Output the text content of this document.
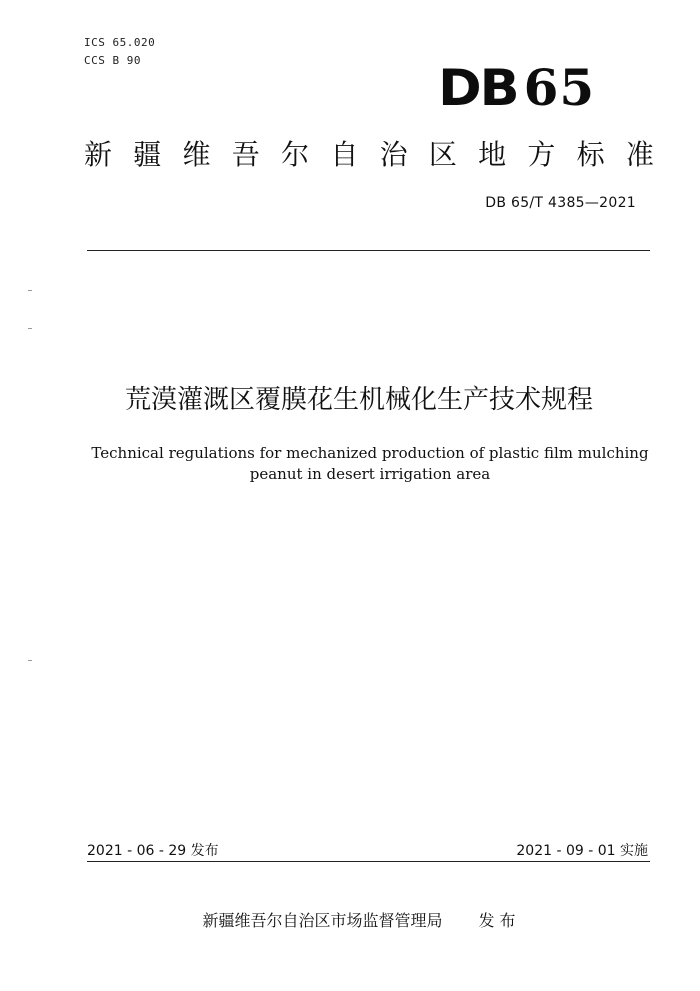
ICS 65.020
CCS B 90	DB 65
新 疆 维 吾 尔 自 治 区 地 方 标 准
DB 65/T 4385—2021
荒漠灌溉区覆膜花生机械化生产技术规程
Technical regulations for mechanized production of plastic film mulching peanut in desert irrigation area
2021 - 06 - 29 发布	2021 - 09 - 01 实施
新疆维吾尔自治区市场监督管理局 发 布
